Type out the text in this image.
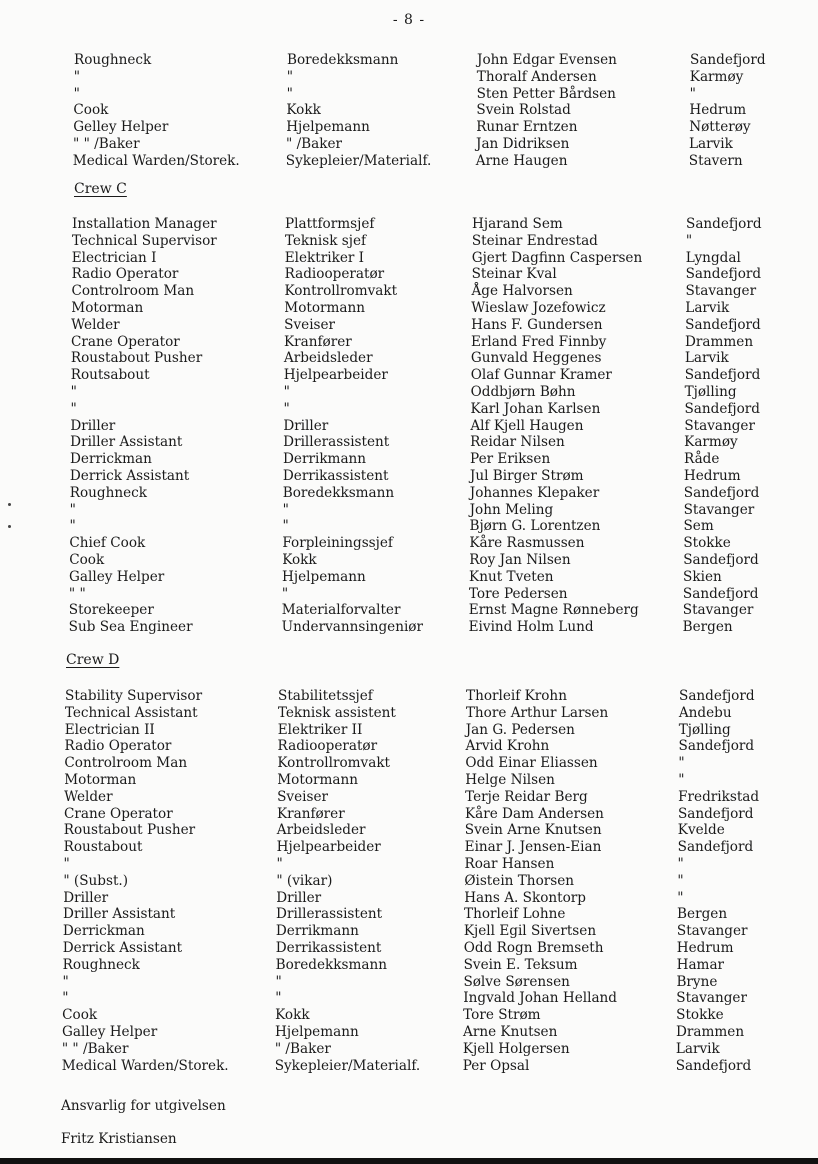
- 8 -
Roughneck	Boredekksmann	John Edgar Evensen	Sandefjord
"	"	Thoralf Andersen	Karmøy
"	"	Sten Petter Bårdsen	"
Cook	Kokk	Svein Rolstad	Hedrum
Gelley Helper	Hjelpemann	Runar Erntzen	Nøtterøy
" " /Baker	" /Baker	Jan Didriksen	Larvik
Medical Warden/Storek.	Sykepleier/Materialf.	Arne Haugen	Stavern
Crew C
Installation Manager	Plattformsjef	Hjarand Sem	Sandefjord
Technical Supervisor	Teknisk sjef	Steinar Endrestad	"
Electrician I	Elektriker I	Gjert Dagfinn Caspersen	Lyngdal
Radio Operator	Radiooperatør	Steinar Kval	Sandefjord
Controlroom Man	Kontrollromvakt	Åge Halvorsen	Stavanger
Motorman	Motormann	Wieslaw Jozefowicz	Larvik
Welder	Sveiser	Hans F. Gundersen	Sandefjord
Crane Operator	Kranfører	Erland Fred Finnby	Drammen
Roustabout Pusher	Arbeidsleder	Gunvald Heggenes	Larvik
Routsabout	Hjelpearbeider	Olaf Gunnar Kramer	Sandefjord
"	"	Oddbjørn Bøhn	Tjølling
"	"	Karl Johan Karlsen	Sandefjord
Driller	Driller	Alf Kjell Haugen	Stavanger
Driller Assistant	Drillerassistent	Reidar Nilsen	Karmøy
Derrickman	Derrikmann	Per Eriksen	Råde
Derrick Assistant	Derrikassistent	Jul Birger Strøm	Hedrum
Roughneck	Boredekksmann	Johannes Klepaker	Sandefjord
"	"	John Meling	Stavanger
"	"	Bjørn G. Lorentzen	Sem
Chief Cook	Forpleiningssjef	Kåre Rasmussen	Stokke
Cook	Kokk	Roy Jan Nilsen	Sandefjord
Galley Helper	Hjelpemann	Knut Tveten	Skien
" "	"	Tore Pedersen	Sandefjord
Storekeeper	Materialforvalter	Ernst Magne Rønneberg	Stavanger
Sub Sea Engineer	Undervannsingeniør	Eivind Holm Lund	Bergen
Crew D
Stability Supervisor	Stabilitetssjef	Thorleif Krohn	Sandefjord
Technical Assistant	Teknisk assistent	Thore Arthur Larsen	Andebu
Electrician II	Elektriker II	Jan G. Pedersen	Tjølling
Radio Operator	Radiooperatør	Arvid Krohn	Sandefjord
Controlroom Man	Kontrollromvakt	Odd Einar Eliassen	"
Motorman	Motormann	Helge Nilsen	"
Welder	Sveiser	Terje Reidar Berg	Fredrikstad
Crane Operator	Kranfører	Kåre Dam Andersen	Sandefjord
Roustabout Pusher	Arbeidsleder	Svein Arne Knutsen	Kvelde
Roustabout	Hjelpearbeider	Einar J. Jensen-Eian	Sandefjord
"	"	Roar Hansen	"
" (Subst.)	" (vikar)	Øistein Thorsen	"
Driller	Driller	Hans A. Skontorp	"
Driller Assistant	Drillerassistent	Thorleif Lohne	Bergen
Derrickman	Derrikmann	Kjell Egil Sivertsen	Stavanger
Derrick Assistant	Derrikassistent	Odd Rogn Bremseth	Hedrum
Roughneck	Boredekksmann	Svein E. Teksum	Hamar
"	"	Sølve Sørensen	Bryne
"	"	Ingvald Johan Helland	Stavanger
Cook	Kokk	Tore Strøm	Stokke
Galley Helper	Hjelpemann	Arne Knutsen	Drammen
" " /Baker	" /Baker	Kjell Holgersen	Larvik
Medical Warden/Storek.	Sykepleier/Materialf.	Per Opsal	Sandefjord
Ansvarlig for utgivelsen
Fritz Kristiansen
